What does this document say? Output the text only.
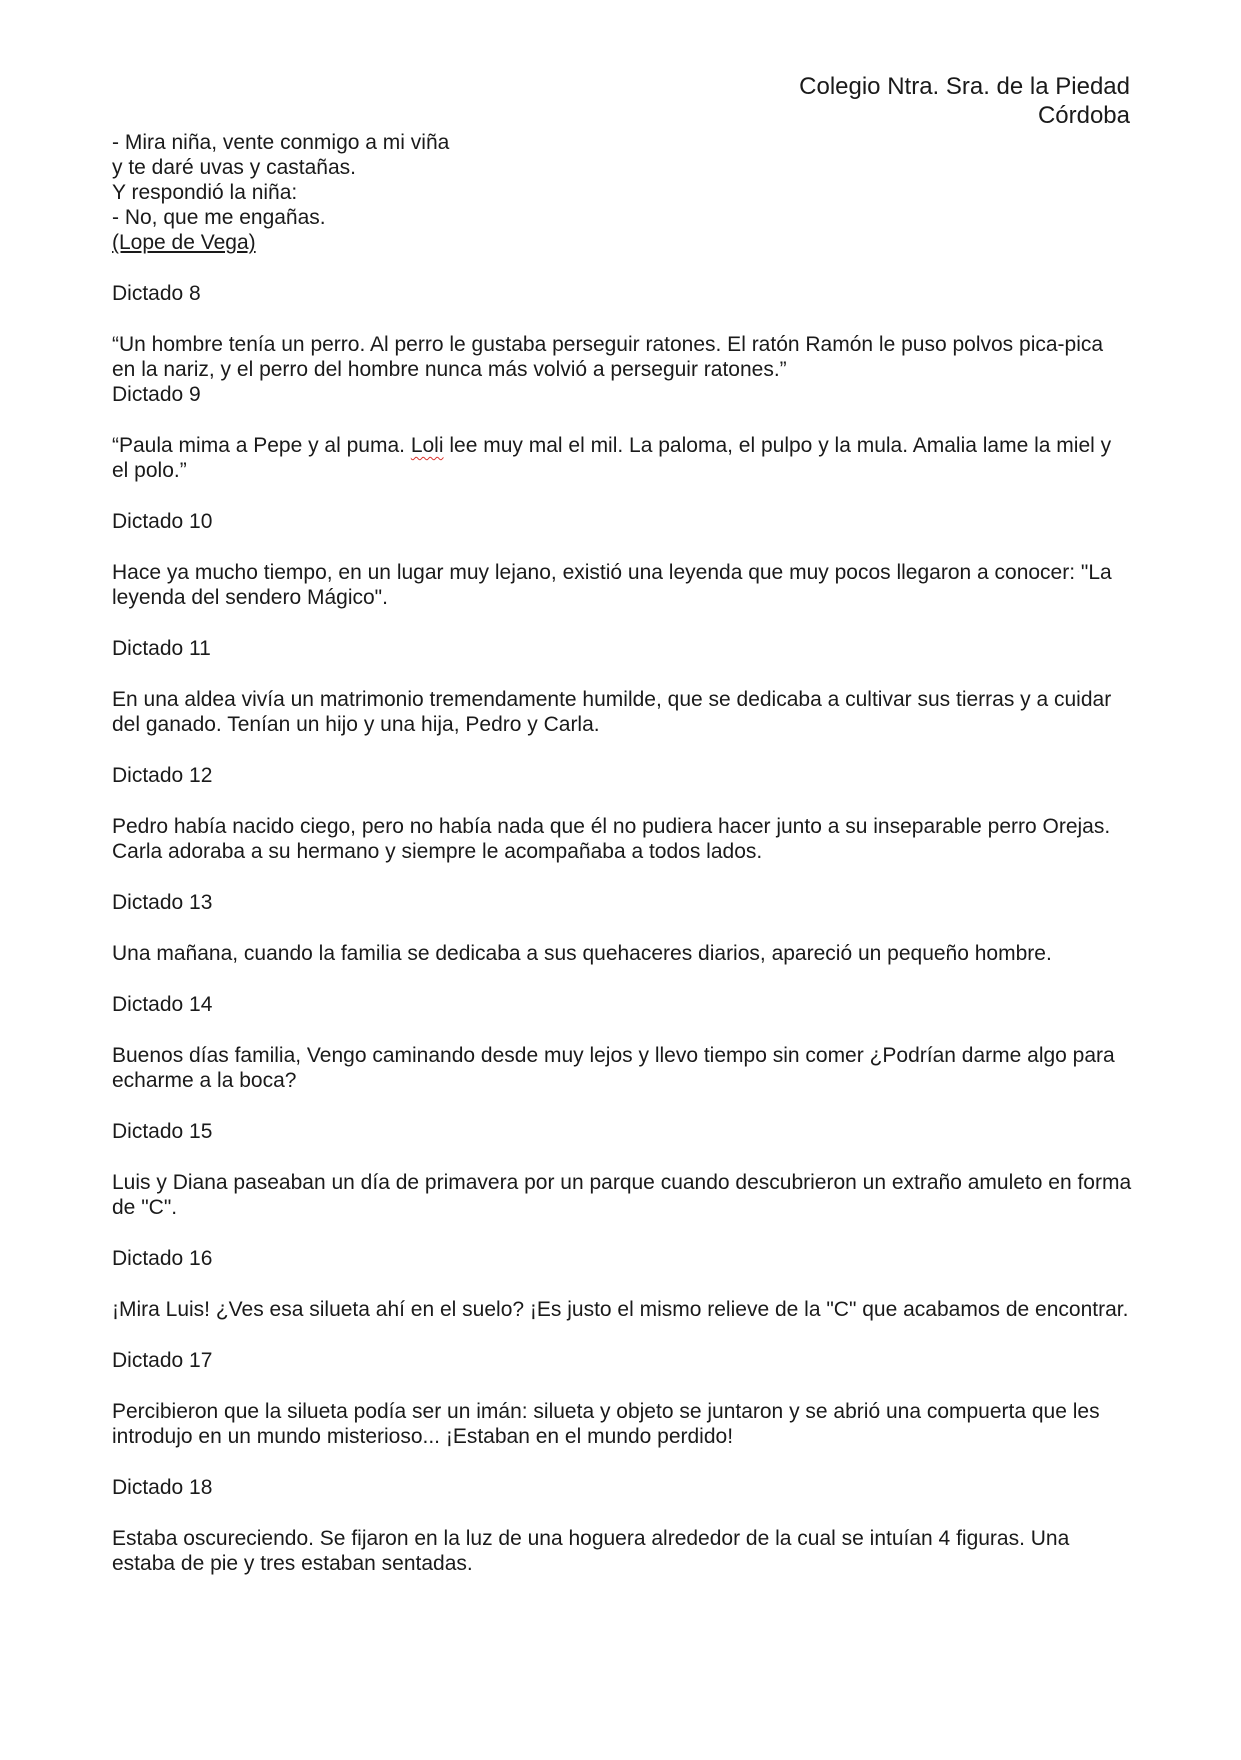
Colegio Ntra. Sra. de la Piedad
Córdoba

- Mira niña, vente conmigo a mi viña

y te daré uvas y castañas.

Y respondió la niña:

- No, que me engañas.

(Lope de Vega)

Dictado 8

“Un hombre tenía un perro. Al perro le gustaba perseguir ratones. El ratón Ramón le puso polvos pica-pica en la nariz, y el perro del hombre nunca más volvió a perseguir ratones.”

Dictado 9

“Paula mima a Pepe y al puma. Loli lee muy mal el mil. La paloma, el pulpo y la mula. Amalia lame la miel y el polo.”

Dictado 10

Hace ya mucho tiempo, en un lugar muy lejano, existió una leyenda que muy pocos llegaron a conocer: "La leyenda del sendero Mágico".

Dictado 11

En una aldea vivía un matrimonio tremendamente humilde, que se dedicaba a cultivar sus tierras y a cuidar del ganado. Tenían un hijo y una hija, Pedro y Carla.

Dictado 12

Pedro había nacido ciego, pero no había nada que él no pudiera hacer junto a su inseparable perro Orejas. Carla adoraba a su hermano y siempre le acompañaba a todos lados.

Dictado 13

Una mañana, cuando la familia se dedicaba a sus quehaceres diarios, apareció un pequeño hombre.

Dictado 14

Buenos días familia, Vengo caminando desde muy lejos y llevo tiempo sin comer ¿Podrían darme algo para echarme a la boca?

Dictado 15

Luis y Diana paseaban un día de primavera por un parque cuando descubrieron un extraño amuleto en forma de "C".

Dictado 16

¡Mira Luis! ¿Ves esa silueta ahí en el suelo? ¡Es justo el mismo relieve de la "C" que acabamos de encontrar.

Dictado 17

Percibieron que la silueta podía ser un imán: silueta y objeto se juntaron y se abrió una compuerta que les introdujo en un mundo misterioso... ¡Estaban en el mundo perdido!

Dictado 18

Estaba oscureciendo. Se fijaron en la luz de una hoguera alrededor de la cual se intuían 4 figuras. Una estaba de pie y tres estaban sentadas.
